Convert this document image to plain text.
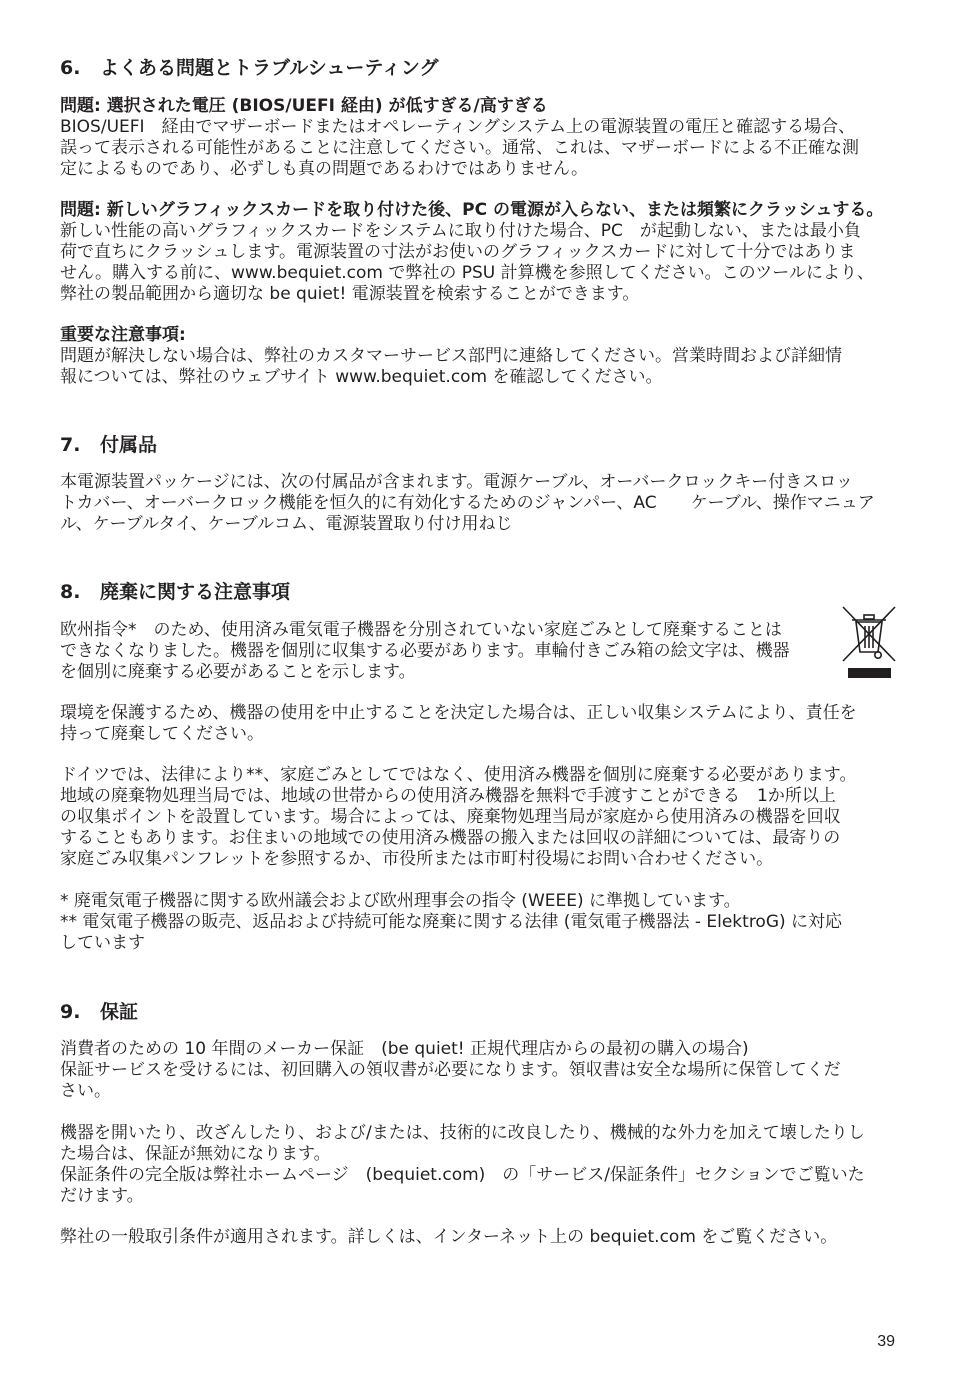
6. よくある問題とトラブルシューティング
問題: 選択された電圧 (BIOS/UEFI 経由) が低すぎる/高すぎる
BIOS/UEFI　経由でマザーボードまたはオペレーティングシステム上の電源装置の電圧と確認する場合、
誤って表示される可能性があることに注意してください。通常、これは、マザーボードによる不正確な測
定によるものであり、必ずしも真の問題であるわけではありません。
問題: 新しいグラフィックスカードを取り付けた後、PC の電源が入らない、または頻繁にクラッシュする。
新しい性能の高いグラフィックスカードをシステムに取り付けた場合、PC　が起動しない、または最小負
荷で直ちにクラッシュします。電源装置の寸法がお使いのグラフィックスカードに対して十分ではありま
せん。購入する前に、www.bequiet.com で弊社の PSU 計算機を参照してください。このツールにより、
弊社の製品範囲から適切な be quiet! 電源装置を検索することができます。
重要な注意事項:
問題が解決しない場合は、弊社のカスタマーサービス部門に連絡してください。営業時間および詳細情
報については、弊社のウェブサイト www.bequiet.com を確認してください。
7. 付属品
本電源装置パッケージには、次の付属品が含まれます。電源ケーブル、オーバークロックキー付きスロッ
トカバー、オーバークロック機能を恒久的に有効化するためのジャンパー、AC　　ケーブル、操作マニュア
ル、ケーブルタイ、ケーブルコム、電源装置取り付け用ねじ
8. 廃棄に関する注意事項
欧州指令*　のため、使用済み電気電子機器を分別されていない家庭ごみとして廃棄することは
できなくなりました。機器を個別に収集する必要があります。車輪付きごみ箱の絵文字は、機器
を個別に廃棄する必要があることを示します。
環境を保護するため、機器の使用を中止することを決定した場合は、正しい収集システムにより、責任を
持って廃棄してください。
ドイツでは、法律により**、家庭ごみとしてではなく、使用済み機器を個別に廃棄する必要があります。
地域の廃棄物処理当局では、地域の世帯からの使用済み機器を無料で手渡すことができる　1か所以上
の収集ポイントを設置しています。場合によっては、廃棄物処理当局が家庭から使用済みの機器を回収
することもあります。お住まいの地域での使用済み機器の搬入または回収の詳細については、最寄りの
家庭ごみ収集パンフレットを参照するか、市役所または市町村役場にお問い合わせください。
* 廃電気電子機器に関する欧州議会および欧州理事会の指令 (WEEE) に準拠しています。
** 電気電子機器の販売、返品および持続可能な廃棄に関する法律 (電気電子機器法 - ElektroG) に対応
しています
9. 保証
消費者のための 10 年間のメーカー保証　(be quiet! 正規代理店からの最初の購入の場合)
保証サービスを受けるには、初回購入の領収書が必要になります。領収書は安全な場所に保管してくだ
さい。
機器を開いたり、改ざんしたり、および/または、技術的に改良したり、機械的な外力を加えて壊したりし
た場合は、保証が無効になります。
保証条件の完全版は弊社ホームページ　(bequiet.com)　の「サービス/保証条件」セクションでご覧いた
だけます。
弊社の一般取引条件が適用されます。詳しくは、インターネット上の bequiet.com をご覧ください。
39
